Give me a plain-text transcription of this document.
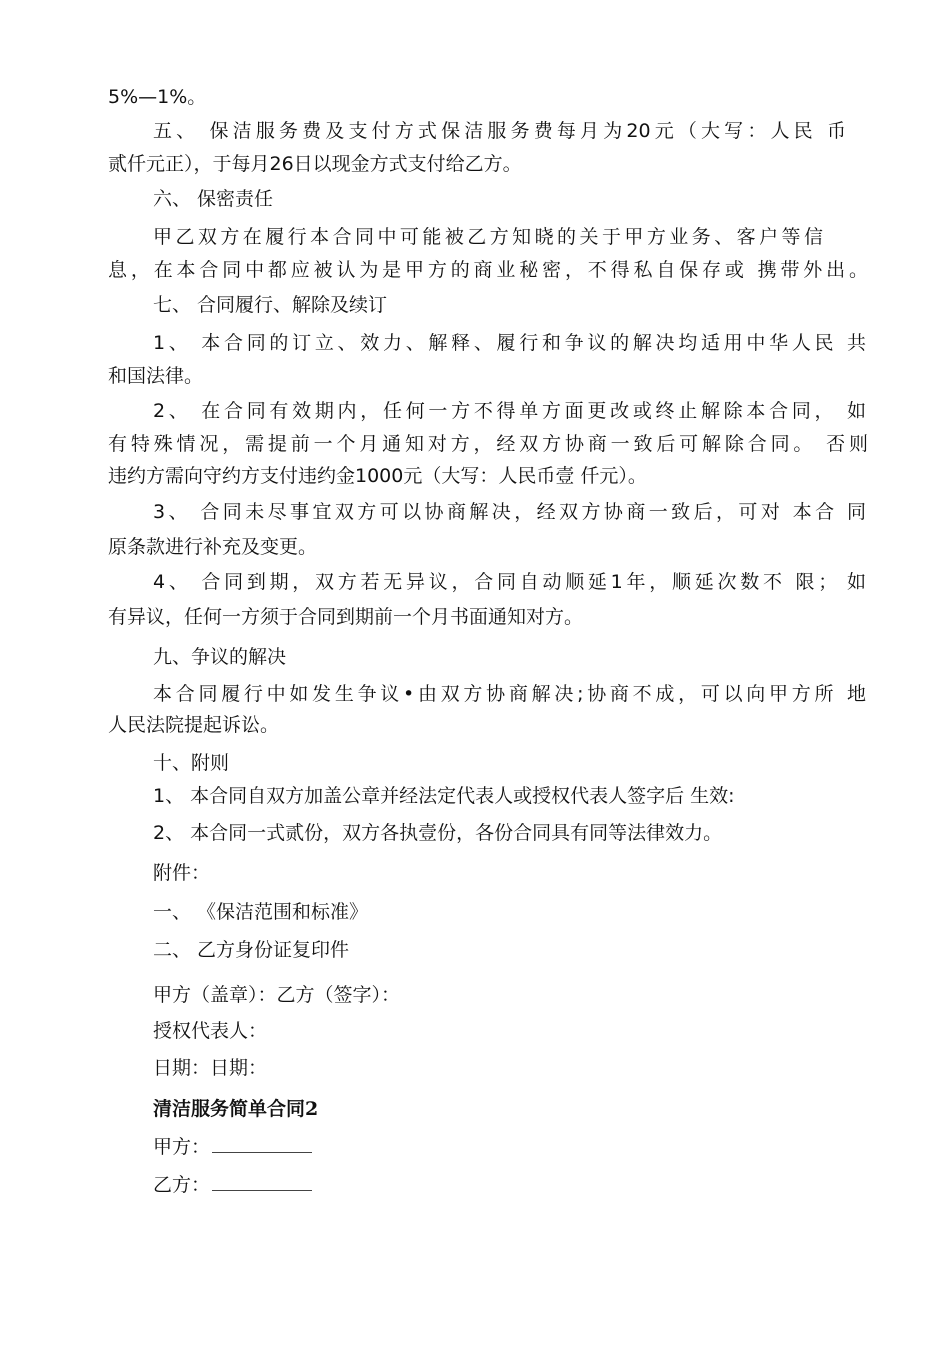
5%—1%。
五、 保洁服务费及支付方式保洁服务费每月为20元（大写：人民 币
贰仟元正），于每月26日以现金方式支付给乙方。
六、 保密责任
甲乙双方在履行本合同中可能被乙方知晓的关于甲方业务、客户等信
息，在本合同中都应被认为是甲方的商业秘密，不得私自保存或 携带外出。
七、 合同履行、解除及续订
1、 本合同的订立、效力、解释、履行和争议的解决均适用中华人民 共
和国法律。
2、 在合同有效期内，任何一方不得单方面更改或终止解除本合同， 如
有特殊情况，需提前一个月通知对方，经双方协商一致后可解除合同。 否则
违约方需向守约方支付违约金1000元（大写：人民币壹 仟元）。
3、 合同未尽事宜双方可以协商解决，经双方协商一致后，可对 本合 同
原条款进行补充及变更。
4、 合同到期，双方若无异议，合同自动顺延1年，顺延次数不 限； 如
有异议，任何一方须于合同到期前一个月书面通知对方。
九、争议的解决
本合同履行中如发生争议•由双方协商解决;协商不成，可以向甲方所 地
人民法院提起诉讼。
十、附则
1、 本合同自双方加盖公章并经法定代表人或授权代表人签字后 生效:
2、 本合同一式贰份，双方各执壹份，各份合同具有同等法律效力。
附件：
一、 《保洁范围和标准》
二、 乙方身份证复印件
甲方（盖章）：乙方（签字）：
授权代表人：
日期：日期：
清洁服务简单合同2
甲方：
乙方：
